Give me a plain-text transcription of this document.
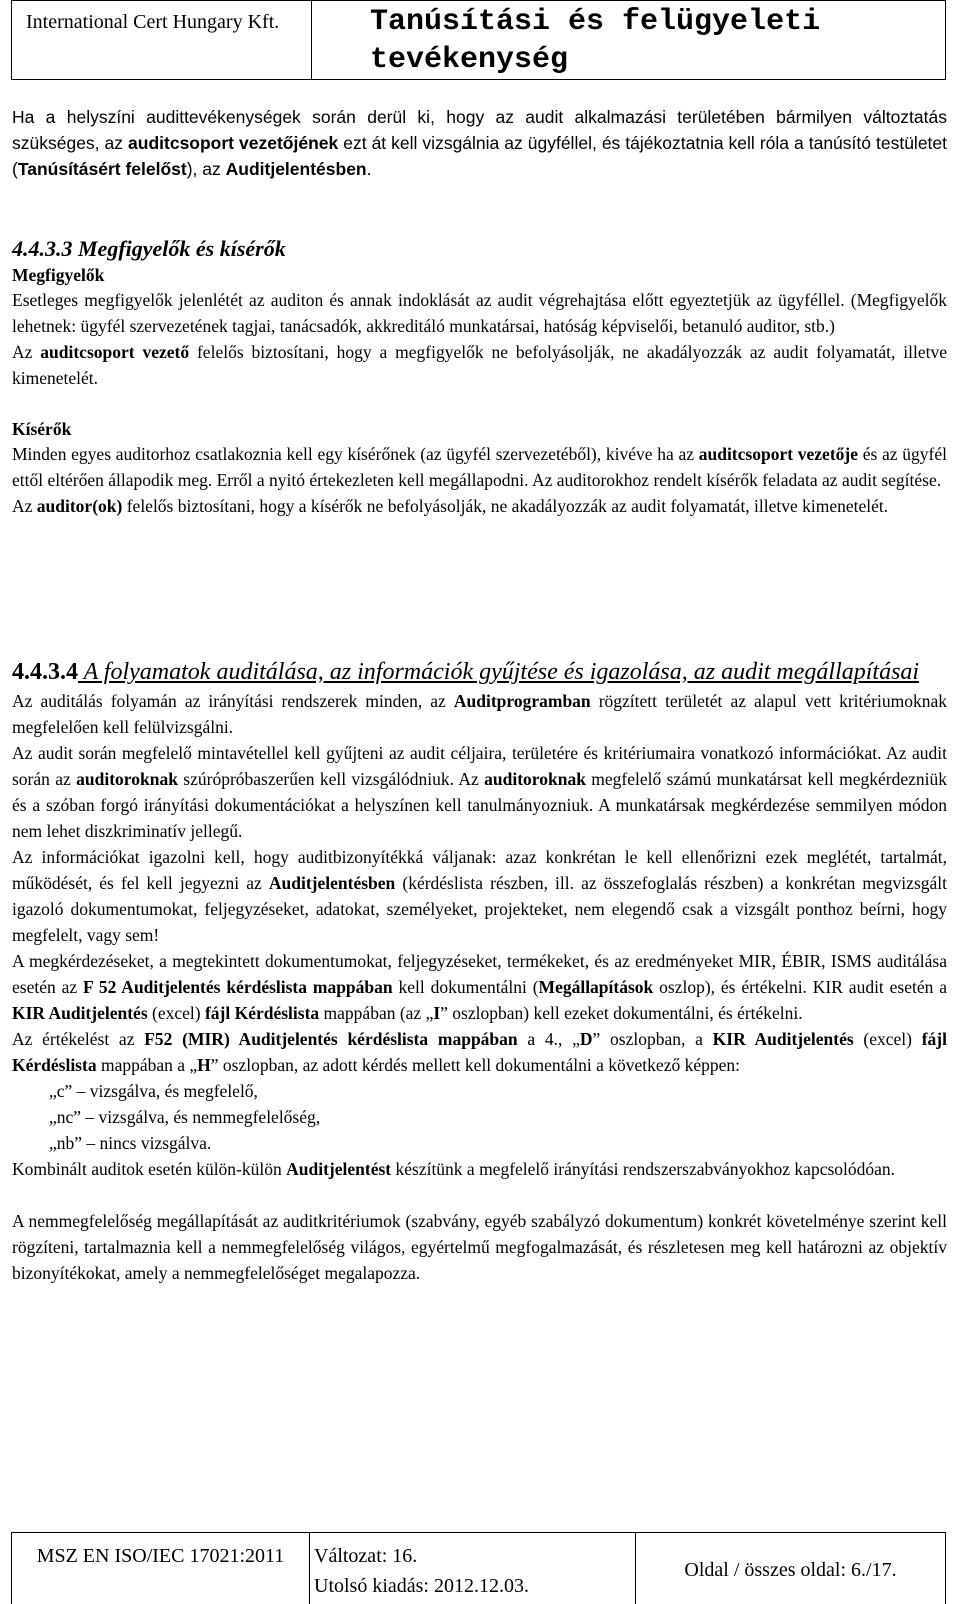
International Cert Hungary Kft.	Tanúsítási és felügyeleti tevékenység

Ha a helyszíni audittevékenységek során derül ki, hogy az audit alkalmazási területében bármilyen változtatás szükséges, az auditcsoport vezetőjének ezt át kell vizsgálnia az ügyféllel, és tájékoztatnia kell róla a tanúsító testületet (Tanúsításért felelőst), az Auditjelentésben.

4.4.3.3 Megfigyelők és kísérők
Megfigyelők

Esetleges megfigyelők jelenlétét az auditon és annak indoklását az audit végrehajtása előtt egyeztetjük az ügyféllel. (Megfigyelők lehetnek: ügyfél szervezetének tagjai, tanácsadók, akkreditáló munkatársai, hatóság képviselői, betanuló auditor, stb.)

Az auditcsoport vezető felelős biztosítani, hogy a megfigyelők ne befolyásolják, ne akadályozzák az audit folyamatát, illetve kimenetelét.

Kísérők

Minden egyes auditorhoz csatlakoznia kell egy kísérőnek (az ügyfél szervezetéből), kivéve ha az auditcsoport vezetője és az ügyfél ettől eltérően állapodik meg. Erről a nyitó értekezleten kell megállapodni. Az auditorokhoz rendelt kísérők feladata az audit segítése.

Az auditor(ok) felelős biztosítani, hogy a kísérők ne befolyásolják, ne akadályozzák az audit folyamatát, illetve kimenetelét.

4.4.3.4 A folyamatok auditálása, az információk gyűjtése és igazolása, az audit megállapításai

Az auditálás folyamán az irányítási rendszerek minden, az Auditprogramban rögzített területét az alapul vett kritériumoknak megfelelően kell felülvizsgálni.

Az audit során megfelelő mintavétellel kell gyűjteni az audit céljaira, területére és kritériumaira vonatkozó információkat. Az audit során az auditoroknak szúrópróbaszerűen kell vizsgálódniuk. Az auditoroknak megfelelő számú munkatársat kell megkérdezniük és a szóban forgó irányítási dokumentációkat a helyszínen kell tanulmányozniuk. A munkatársak megkérdezése semmilyen módon nem lehet diszkriminatív jellegű.

Az információkat igazolni kell, hogy auditbizonyítékká váljanak: azaz konkrétan le kell ellenőrizni ezek meglétét, tartalmát, működését, és fel kell jegyezni az Auditjelentésben (kérdéslista részben, ill. az összefoglalás részben) a konkrétan megvizsgált igazoló dokumentumokat, feljegyzéseket, adatokat, személyeket, projekteket, nem elegendő csak a vizsgált ponthoz beírni, hogy megfelelt, vagy sem!

A megkérdezéseket, a megtekintett dokumentumokat, feljegyzéseket, termékeket, és az eredményeket MIR, ÉBIR, ISMS auditálása esetén az F 52 Auditjelentés kérdéslista mappában kell dokumentálni (Megállapítások oszlop), és értékelni. KIR audit esetén a KIR Auditjelentés (excel) fájl Kérdéslista mappában (az „I” oszlopban) kell ezeket dokumentálni, és értékelni.

Az értékelést az F52 (MIR) Auditjelentés kérdéslista mappában a 4., „D” oszlopban, a KIR Auditjelentés (excel) fájl Kérdéslista mappában a „H” oszlopban, az adott kérdés mellett kell dokumentálni a következő képpen:

„c” – vizsgálva, és megfelelő,

„nc” – vizsgálva, és nemmegfelelőség,

„nb” – nincs vizsgálva.

Kombinált auditok esetén külön-külön Auditjelentést készítünk a megfelelő irányítási rendszerszabványokhoz kapcsolódóan.

A nemmegfelelőség megállapítását az auditkritériumok (szabvány, egyéb szabályzó dokumentum) konkrét követelménye szerint kell rögzíteni, tartalmaznia kell a nemmegfelelőség világos, egyértelmű megfogalmazását, és részletesen meg kell határozni az objektív bizonyítékokat, amely a nemmegfelelőséget megalapozza.

MSZ EN ISO/IEC 17021:2011	Változat: 16.
Utolsó kiadás: 2012.12.03.
Oldal / összes oldal: 6./17.
